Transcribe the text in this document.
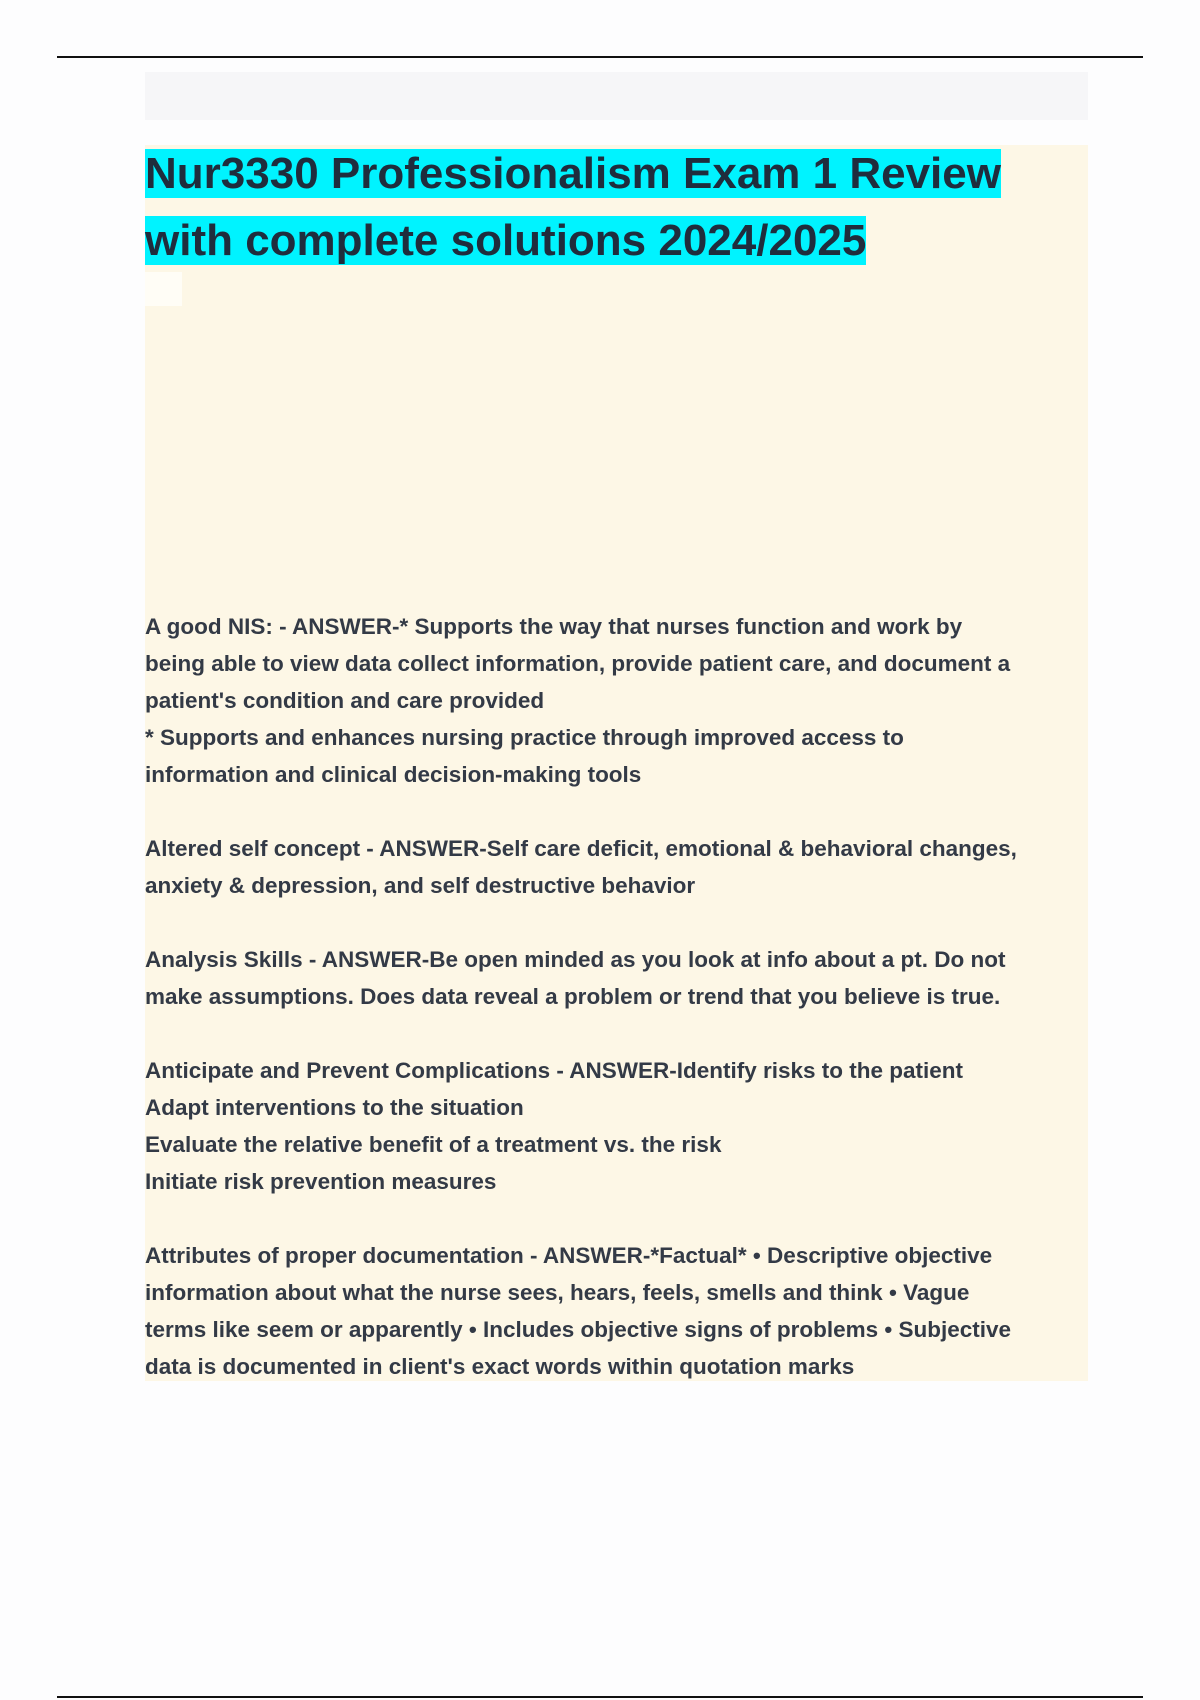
Nur3330 Professionalism Exam 1 Review
with complete solutions 2024/2025

A good NIS: - ANSWER-* Supports the way that nurses function and work by
being able to view data collect information, provide patient care, and document a
patient's condition and care provided
* Supports and enhances nursing practice through improved access to
information and clinical decision-making tools

Altered self concept - ANSWER-Self care deficit, emotional & behavioral changes,
anxiety & depression, and self destructive behavior

Analysis Skills - ANSWER-Be open minded as you look at info about a pt. Do not
make assumptions. Does data reveal a problem or trend that you believe is true.

Anticipate and Prevent Complications - ANSWER-Identify risks to the patient
Adapt interventions to the situation
Evaluate the relative benefit of a treatment vs. the risk
Initiate risk prevention measures

Attributes of proper documentation - ANSWER-*Factual* • Descriptive objective
information about what the nurse sees, hears, feels, smells and think • Vague
terms like seem or apparently • Includes objective signs of problems • Subjective
data is documented in client's exact words within quotation marks
